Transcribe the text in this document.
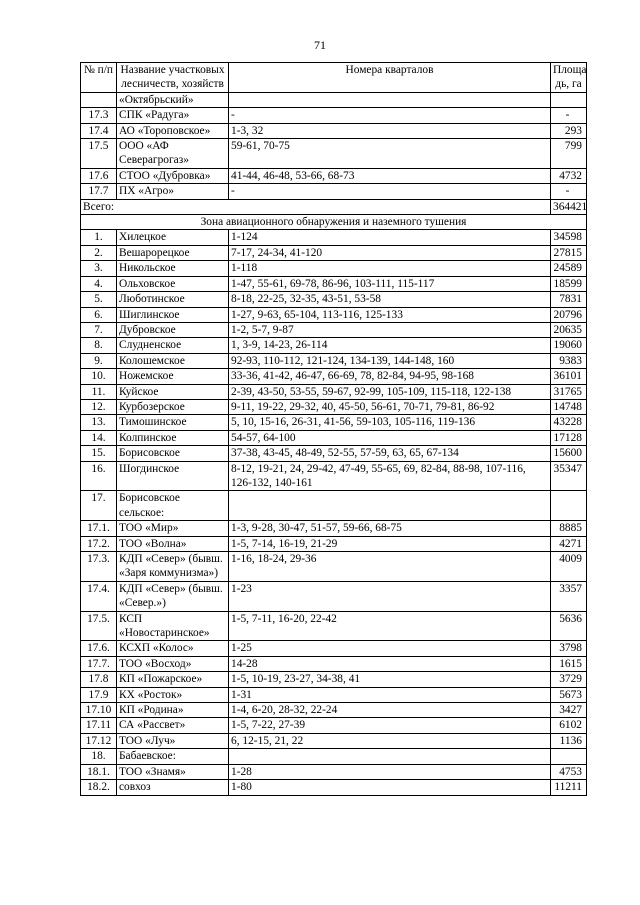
71
№ п/п	Название участковых лесничеств, хозяйств	Номера кварталов	Площа дь, га
	«Октябрьский»		
17.3	СПК «Радуга»	-	-
17.4	АО «Торoповское»	1-3, 32	293
17.5	ООО «АФ Северагрогаз»	59-61, 70-75	799
17.6	СТОО «Дубровка»	41-44, 46-48, 53-66, 68-73	4732
17.7	ПХ «Агро»	-	-
Всего:			364421
Зона авиационного обнаружения и наземного тушения			
1.	Хилецкое	1-124	34598
2.	Вешарорецкое	7-17, 24-34, 41-120	27815
3.	Никольское	1-118	24589
4.	Ольховское	1-47, 55-61, 69-78, 86-96, 103-111, 115-117	18599
5.	Люботинское	8-18, 22-25, 32-35, 43-51, 53-58	7831
6.	Шиглинское	1-27, 9-63, 65-104, 113-116, 125-133	20796
7.	Дубровское	1-2, 5-7, 9-87	20635
8.	Слудненское	1, 3-9, 14-23, 26-114	19060
9.	Колошемское	92-93, 110-112, 121-124, 134-139, 144-148, 160	9383
10.	Ножемское	33-36, 41-42, 46-47, 66-69, 78, 82-84, 94-95, 98-168	36101
11.	Куйское	2-39, 43-50, 53-55, 59-67, 92-99, 105-109, 115-118, 122-138	31765
12.	Курбозерское	9-11, 19-22, 29-32, 40, 45-50, 56-61, 70-71, 79-81, 86-92	14748
13.	Тимошинское	5, 10, 15-16, 26-31, 41-56, 59-103, 105-116, 119-136	43228
14.	Колпинское	54-57, 64-100	17128
15.	Борисовское	37-38, 43-45, 48-49, 52-55, 57-59, 63, 65, 67-134	15600
16.	Шогдинское	8-12, 19-21, 24, 29-42, 47-49, 55-65, 69, 82-84, 88-98, 107-116, 126-132, 140-161	35347
17.	Борисовское сельское:		
17.1.	ТОО «Мир»	1-3, 9-28, 30-47, 51-57, 59-66, 68-75	8885
17.2.	ТОО «Волна»	1-5, 7-14, 16-19, 21-29	4271
17.3.	КДП «Север» (бывш. «Заря коммунизма»)	1-16, 18-24, 29-36	4009
17.4.	КДП «Север» (бывш. «Север.»)	1-23	3357
17.5.	КСП «Новостаринское»	1-5, 7-11, 16-20, 22-42	5636
17.6.	КСХП «Колос»	1-25	3798
17.7.	ТОО «Восход»	14-28	1615
17.8	КП «Пожарское»	1-5, 10-19, 23-27, 34-38, 41	3729
17.9	КХ «Росток»	1-31	5673
17.10	КП «Родина»	1-4, 6-20, 28-32, 22-24	3427
17.11	СА «Рассвет»	1-5, 7-22, 27-39	6102
17.12	ТОО «Луч»	6, 12-15, 21, 22	1136
18.	Бабаевское:		
18.1.	ТОО «Знамя»	1-28	4753
18.2.	совхоз	1-80	11211
